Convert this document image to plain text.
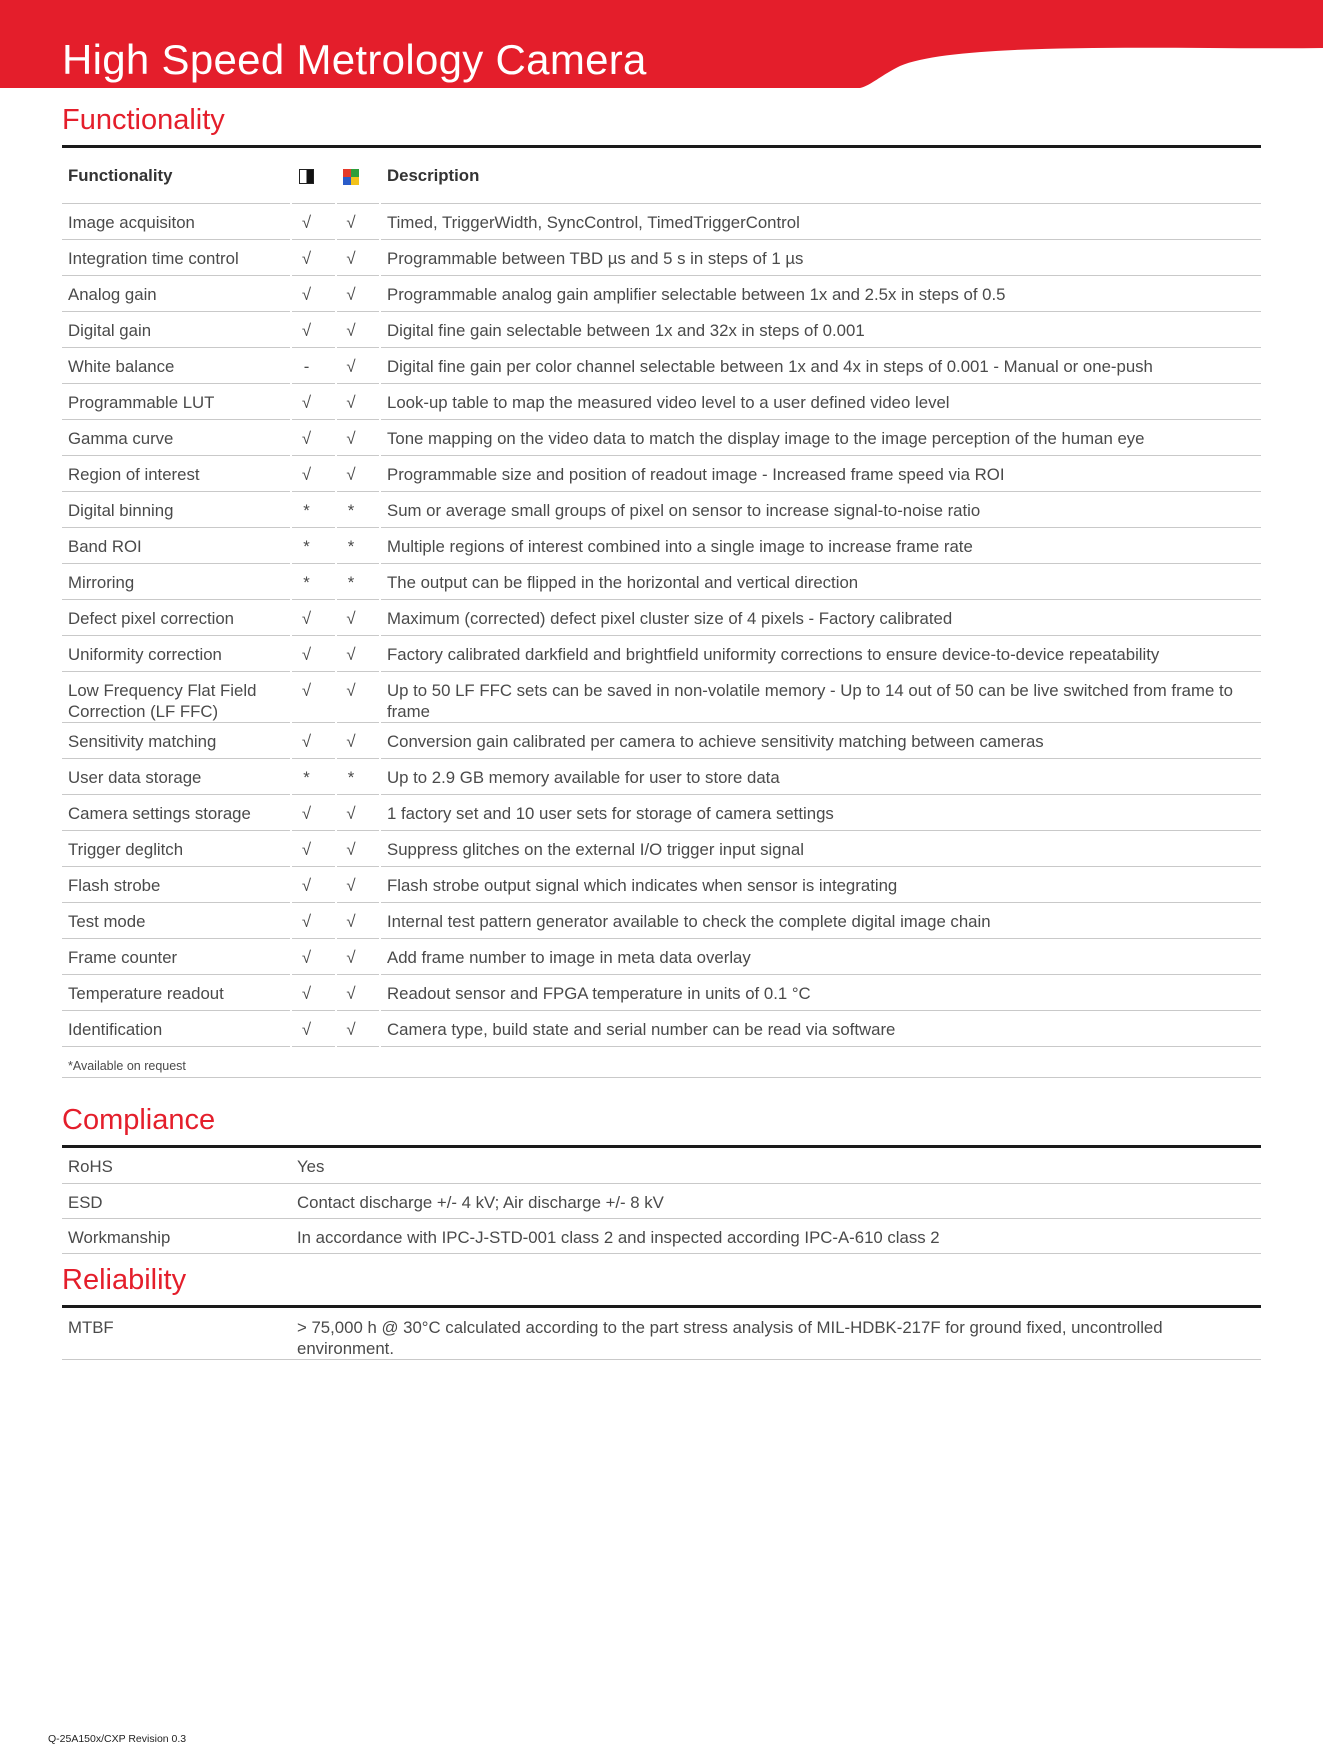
High Speed Metrology Camera
Functionality
Functionality			Description
Image acquisiton	√	√	Timed, TriggerWidth, SyncControl, TimedTriggerControl
Integration time control	√	√	Programmable between TBD µs and 5 s in steps of 1 µs
Analog gain	√	√	Programmable analog gain amplifier selectable between 1x and 2.5x in steps of 0.5
Digital gain	√	√	Digital fine gain selectable between 1x and 32x in steps of 0.001
White balance	-	√	Digital fine gain per color channel selectable between 1x and 4x in steps of 0.001 - Manual or one-push
Programmable LUT	√	√	Look-up table to map the measured video level to a user defined video level
Gamma curve	√	√	Tone mapping on the video data to match the display image to the image perception of the human eye
Region of interest	√	√	Programmable size and position of readout image - Increased frame speed via ROI
Digital binning	*	*	Sum or average small groups of pixel on sensor to increase signal-to-noise ratio
Band ROI	*	*	Multiple regions of interest combined into a single image to increase frame rate
Mirroring	*	*	The output can be flipped in the horizontal and vertical direction
Defect pixel correction	√	√	Maximum (corrected) defect pixel cluster size of 4 pixels - Factory calibrated
Uniformity correction	√	√	Factory calibrated darkfield and brightfield uniformity corrections to ensure device-to-device repeatability
Low Frequency Flat Field Correction (LF FFC)	√	√	Up to 50 LF FFC sets can be saved in non-volatile memory - Up to 14 out of 50 can be live switched from frame to frame
Sensitivity matching	√	√	Conversion gain calibrated per camera to achieve sensitivity matching between cameras
User data storage	*	*	Up to 2.9 GB memory available for user to store data
Camera settings storage	√	√	1 factory set and 10 user sets for storage of camera settings
Trigger deglitch	√	√	Suppress glitches on the external I/O trigger input signal
Flash strobe	√	√	Flash strobe output signal which indicates when sensor is integrating
Test mode	√	√	Internal test pattern generator available to check the complete digital image chain
Frame counter	√	√	Add frame number to image in meta data overlay
Temperature readout	√	√	Readout sensor and FPGA temperature in units of 0.1 °C
Identification	√	√	Camera type, build state and serial number can be read via software
*Available on request			
Compliance
RoHS	Yes
ESD	Contact discharge +/- 4 kV; Air discharge +/- 8 kV
Workmanship	In accordance with IPC-J-STD-001 class 2 and inspected according IPC-A-610 class 2
Reliability
MTBF	> 75,000 h @ 30°C calculated according to the part stress analysis of MIL-HDBK-217F for ground fixed, uncontrolled environment.
Q-25A150x/CXP Revision 0.3
